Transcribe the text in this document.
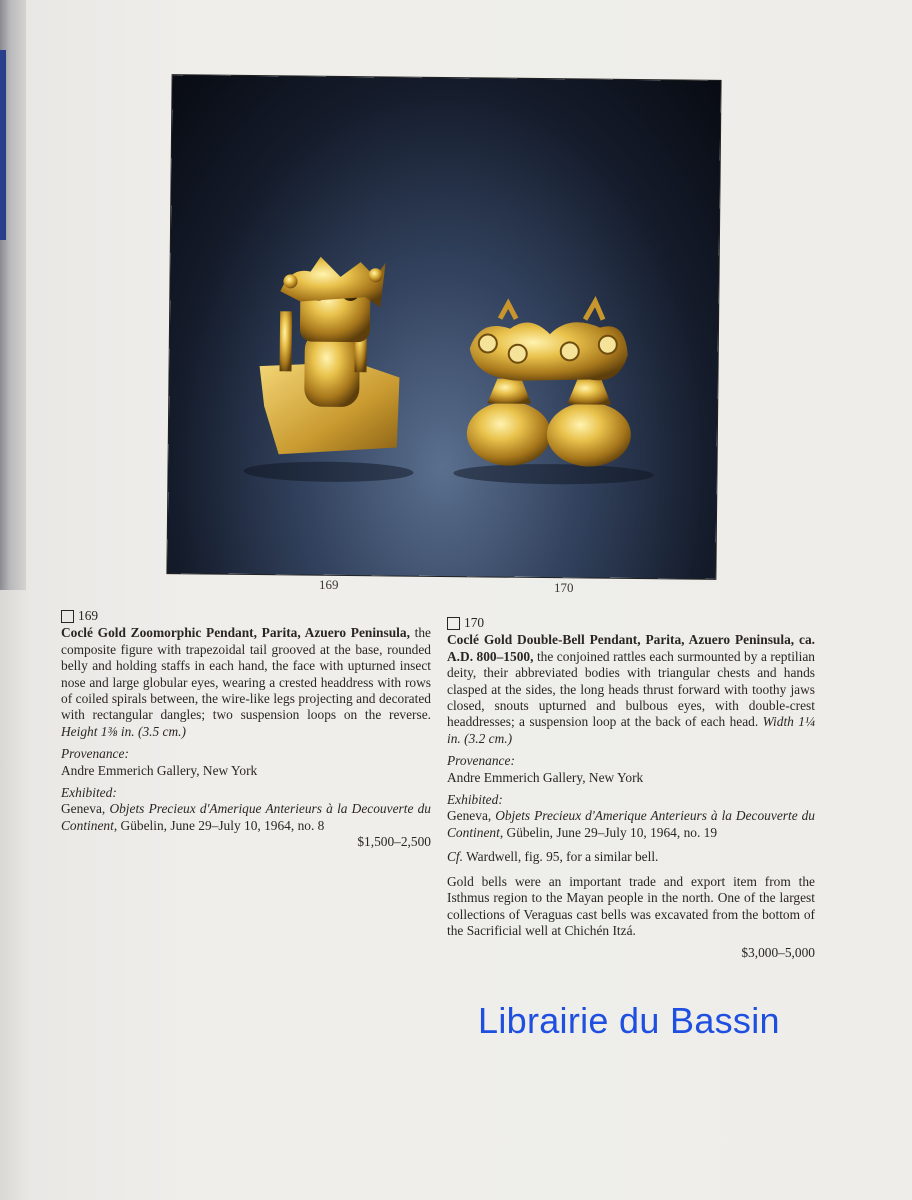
169	170
169
Coclé Gold Zoomorphic Pendant, Parita, Azuero Peninsula, the composite figure with trapezoidal tail grooved at the base, rounded belly and holding staffs in each hand, the face with upturned insect nose and large globular eyes, wearing a crested headdress with rows of coiled spirals between, the wire-like legs projecting and decorated with rectangular dangles; two suspension loops on the reverse. Height 1⅜ in. (3.5 cm.)
Provenance:
Andre Emmerich Gallery, New York
Exhibited:
Geneva, Objets Precieux d'Amerique Anterieurs à la Decouverte du Continent, Gübelin, June 29–July 10, 1964, no. 8
$1,500–2,500
170
Coclé Gold Double-Bell Pendant, Parita, Azuero Peninsula, ca. A.D. 800–1500, the conjoined rattles each surmounted by a reptilian deity, their abbreviated bodies with triangular chests and hands clasped at the sides, the long heads thrust forward with toothy jaws closed, snouts upturned and bulbous eyes, with double-crest headdresses; a suspension loop at the back of each head. Width 1¼ in. (3.2 cm.)
Provenance:
Andre Emmerich Gallery, New York
Exhibited:
Geneva, Objets Precieux d'Amerique Anterieurs à la Decouverte du Continent, Gübelin, June 29–July 10, 1964, no. 19
Cf. Wardwell, fig. 95, for a similar bell.
Gold bells were an important trade and export item from the Isthmus region to the Mayan people in the north. One of the largest collections of Veraguas cast bells was excavated from the bottom of the Sacrificial well at Chichén Itzá.
$3,000–5,000
Librairie du Bassin
